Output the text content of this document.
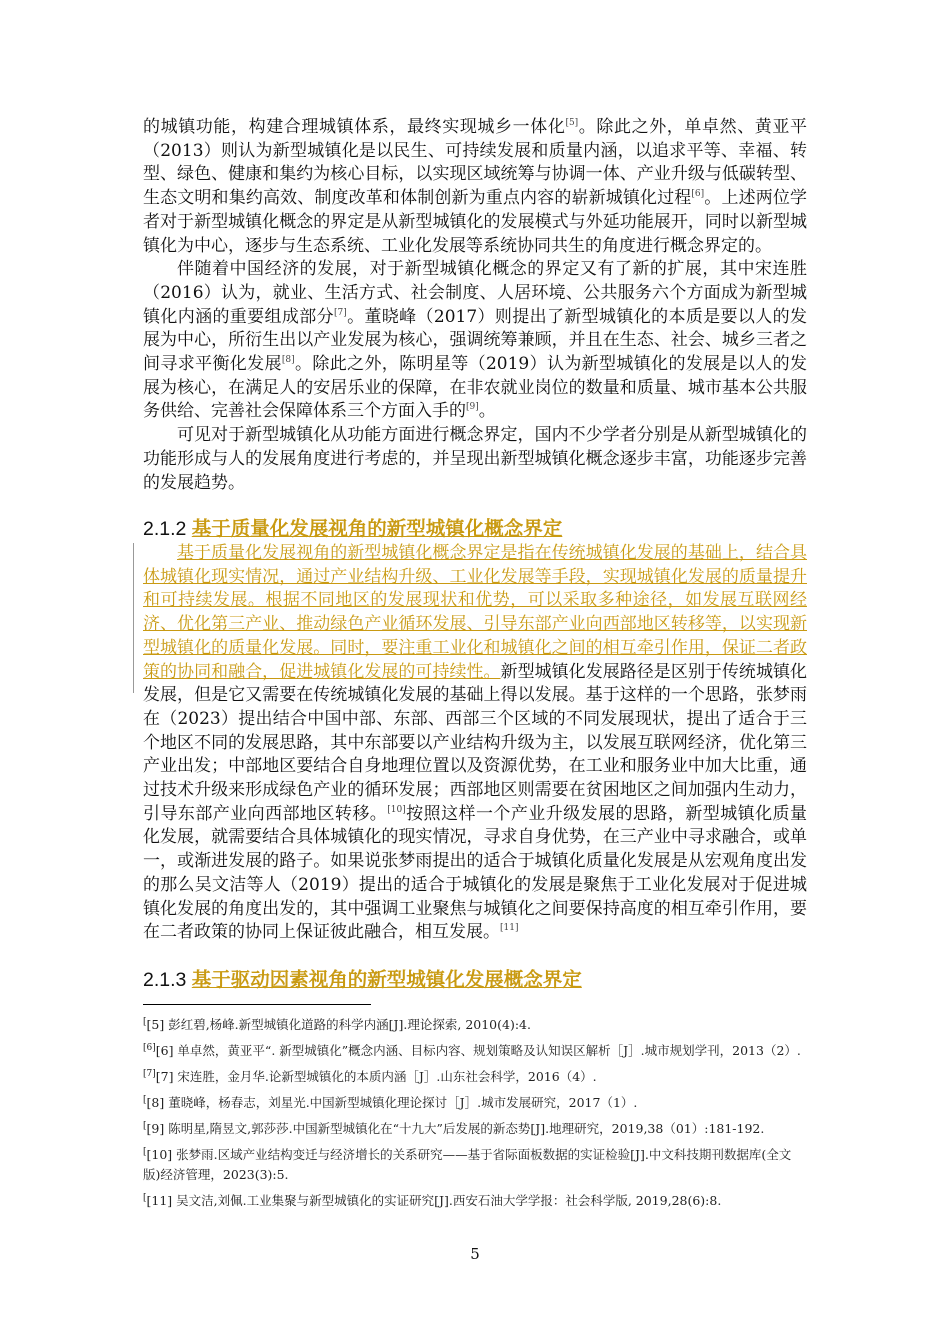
的城镇功能，构建合理城镇体系，最终实现城乡一体化[5]。除此之外，单卓然、黄亚平（2013）则认为新型城镇化是以民生、可持续发展和质量内涵，以追求平等、幸福、转型、绿色、健康和集约为核心目标，以实现区域统筹与协调一体、产业升级与低碳转型、生态文明和集约高效、制度改革和体制创新为重点内容的崭新城镇化过程[6]。上述两位学者对于新型城镇化概念的界定是从新型城镇化的发展模式与外延功能展开，同时以新型城镇化为中心，逐步与生态系统、工业化发展等系统协同共生的角度进行概念界定的。

伴随着中国经济的发展，对于新型城镇化概念的界定又有了新的扩展，其中宋连胜（2016）认为，就业、生活方式、社会制度、人居环境、公共服务六个方面成为新型城镇化内涵的重要组成部分[7]。董晓峰（2017）则提出了新型城镇化的本质是要以人的发展为中心，所衍生出以产业发展为核心，强调统筹兼顾，并且在生态、社会、城乡三者之间寻求平衡化发展[8]。除此之外，陈明星等（2019）认为新型城镇化的发展是以人的发展为核心，在满足人的安居乐业的保障，在非农就业岗位的数量和质量、城市基本公共服务供给、完善社会保障体系三个方面入手的[9]。

可见对于新型城镇化从功能方面进行概念界定，国内不少学者分别是从新型城镇化的功能形成与人的发展角度进行考虑的，并呈现出新型城镇化概念逐步丰富，功能逐步完善的发展趋势。

2.1.2 基于质量化发展视角的新型城镇化概念界定

基于质量化发展视角的新型城镇化概念界定是指在传统城镇化发展的基础上，结合具体城镇化现实情况，通过产业结构升级、工业化发展等手段，实现城镇化发展的质量提升和可持续发展。根据不同地区的发展现状和优势，可以采取多种途径，如发展互联网经济、优化第三产业、推动绿色产业循环发展、引导东部产业向西部地区转移等，以实现新型城镇化的质量化发展。同时，要注重工业化和城镇化之间的相互牵引作用，保证二者政策的协同和融合，促进城镇化发展的可持续性。新型城镇化发展路径是区别于传统城镇化发展，但是它又需要在传统城镇化发展的基础上得以发展。基于这样的一个思路，张梦雨在（2023）提出结合中国中部、东部、西部三个区域的不同发展现状，提出了适合于三个地区不同的发展思路，其中东部要以产业结构升级为主，以发展互联网经济，优化第三产业出发；中部地区要结合自身地理位置以及资源优势，在工业和服务业中加大比重，通过技术升级来形成绿色产业的循环发展；西部地区则需要在贫困地区之间加强内生动力，引导东部产业向西部地区转移。[10]按照这样一个产业升级发展的思路，新型城镇化质量化发展，就需要结合具体城镇化的现实情况，寻求自身优势，在三产业中寻求融合，或单一，或渐进发展的路子。如果说张梦雨提出的适合于城镇化质量化发展是从宏观角度出发的那么吴文洁等人（2019）提出的适合于城镇化的发展是聚焦于工业化发展对于促进城镇化发展的角度出发的，其中强调工业聚焦与城镇化之间要保持高度的相互牵引作用，要在二者政策的协同上保证彼此融合，相互发展。[11]

2.1.3 基于驱动因素视角的新型城镇化发展概念界定

[[5] 彭红碧,杨峰.新型城镇化道路的科学内涵[J].理论探索, 2010(4):4.

[6][6] 单卓然，黄亚平“. 新型城镇化”概念内涵、目标内容、规划策略及认知误区解析［J］.城市规划学刊，2013（2）.

[7][7] 宋连胜，金月华.论新型城镇化的本质内涵［J］.山东社会科学，2016（4）.

[[8] 董晓峰，杨春志，刘星光.中国新型城镇化理论探讨［J］.城市发展研究，2017（1）.

[[9] 陈明星,隋昱文,郭莎莎.中国新型城镇化在“十九大”后发展的新态势[J].地理研究，2019,38（01）:181-192.

[[10] 张梦雨.区域产业结构变迁与经济增长的关系研究——基于省际面板数据的实证检验[J].中文科技期刊数据库(全文版)经济管理，2023(3):5.

[[11] 吴文洁,刘佩.工业集聚与新型城镇化的实证研究[J].西安石油大学学报：社会科学版, 2019,28(6):8.

5
